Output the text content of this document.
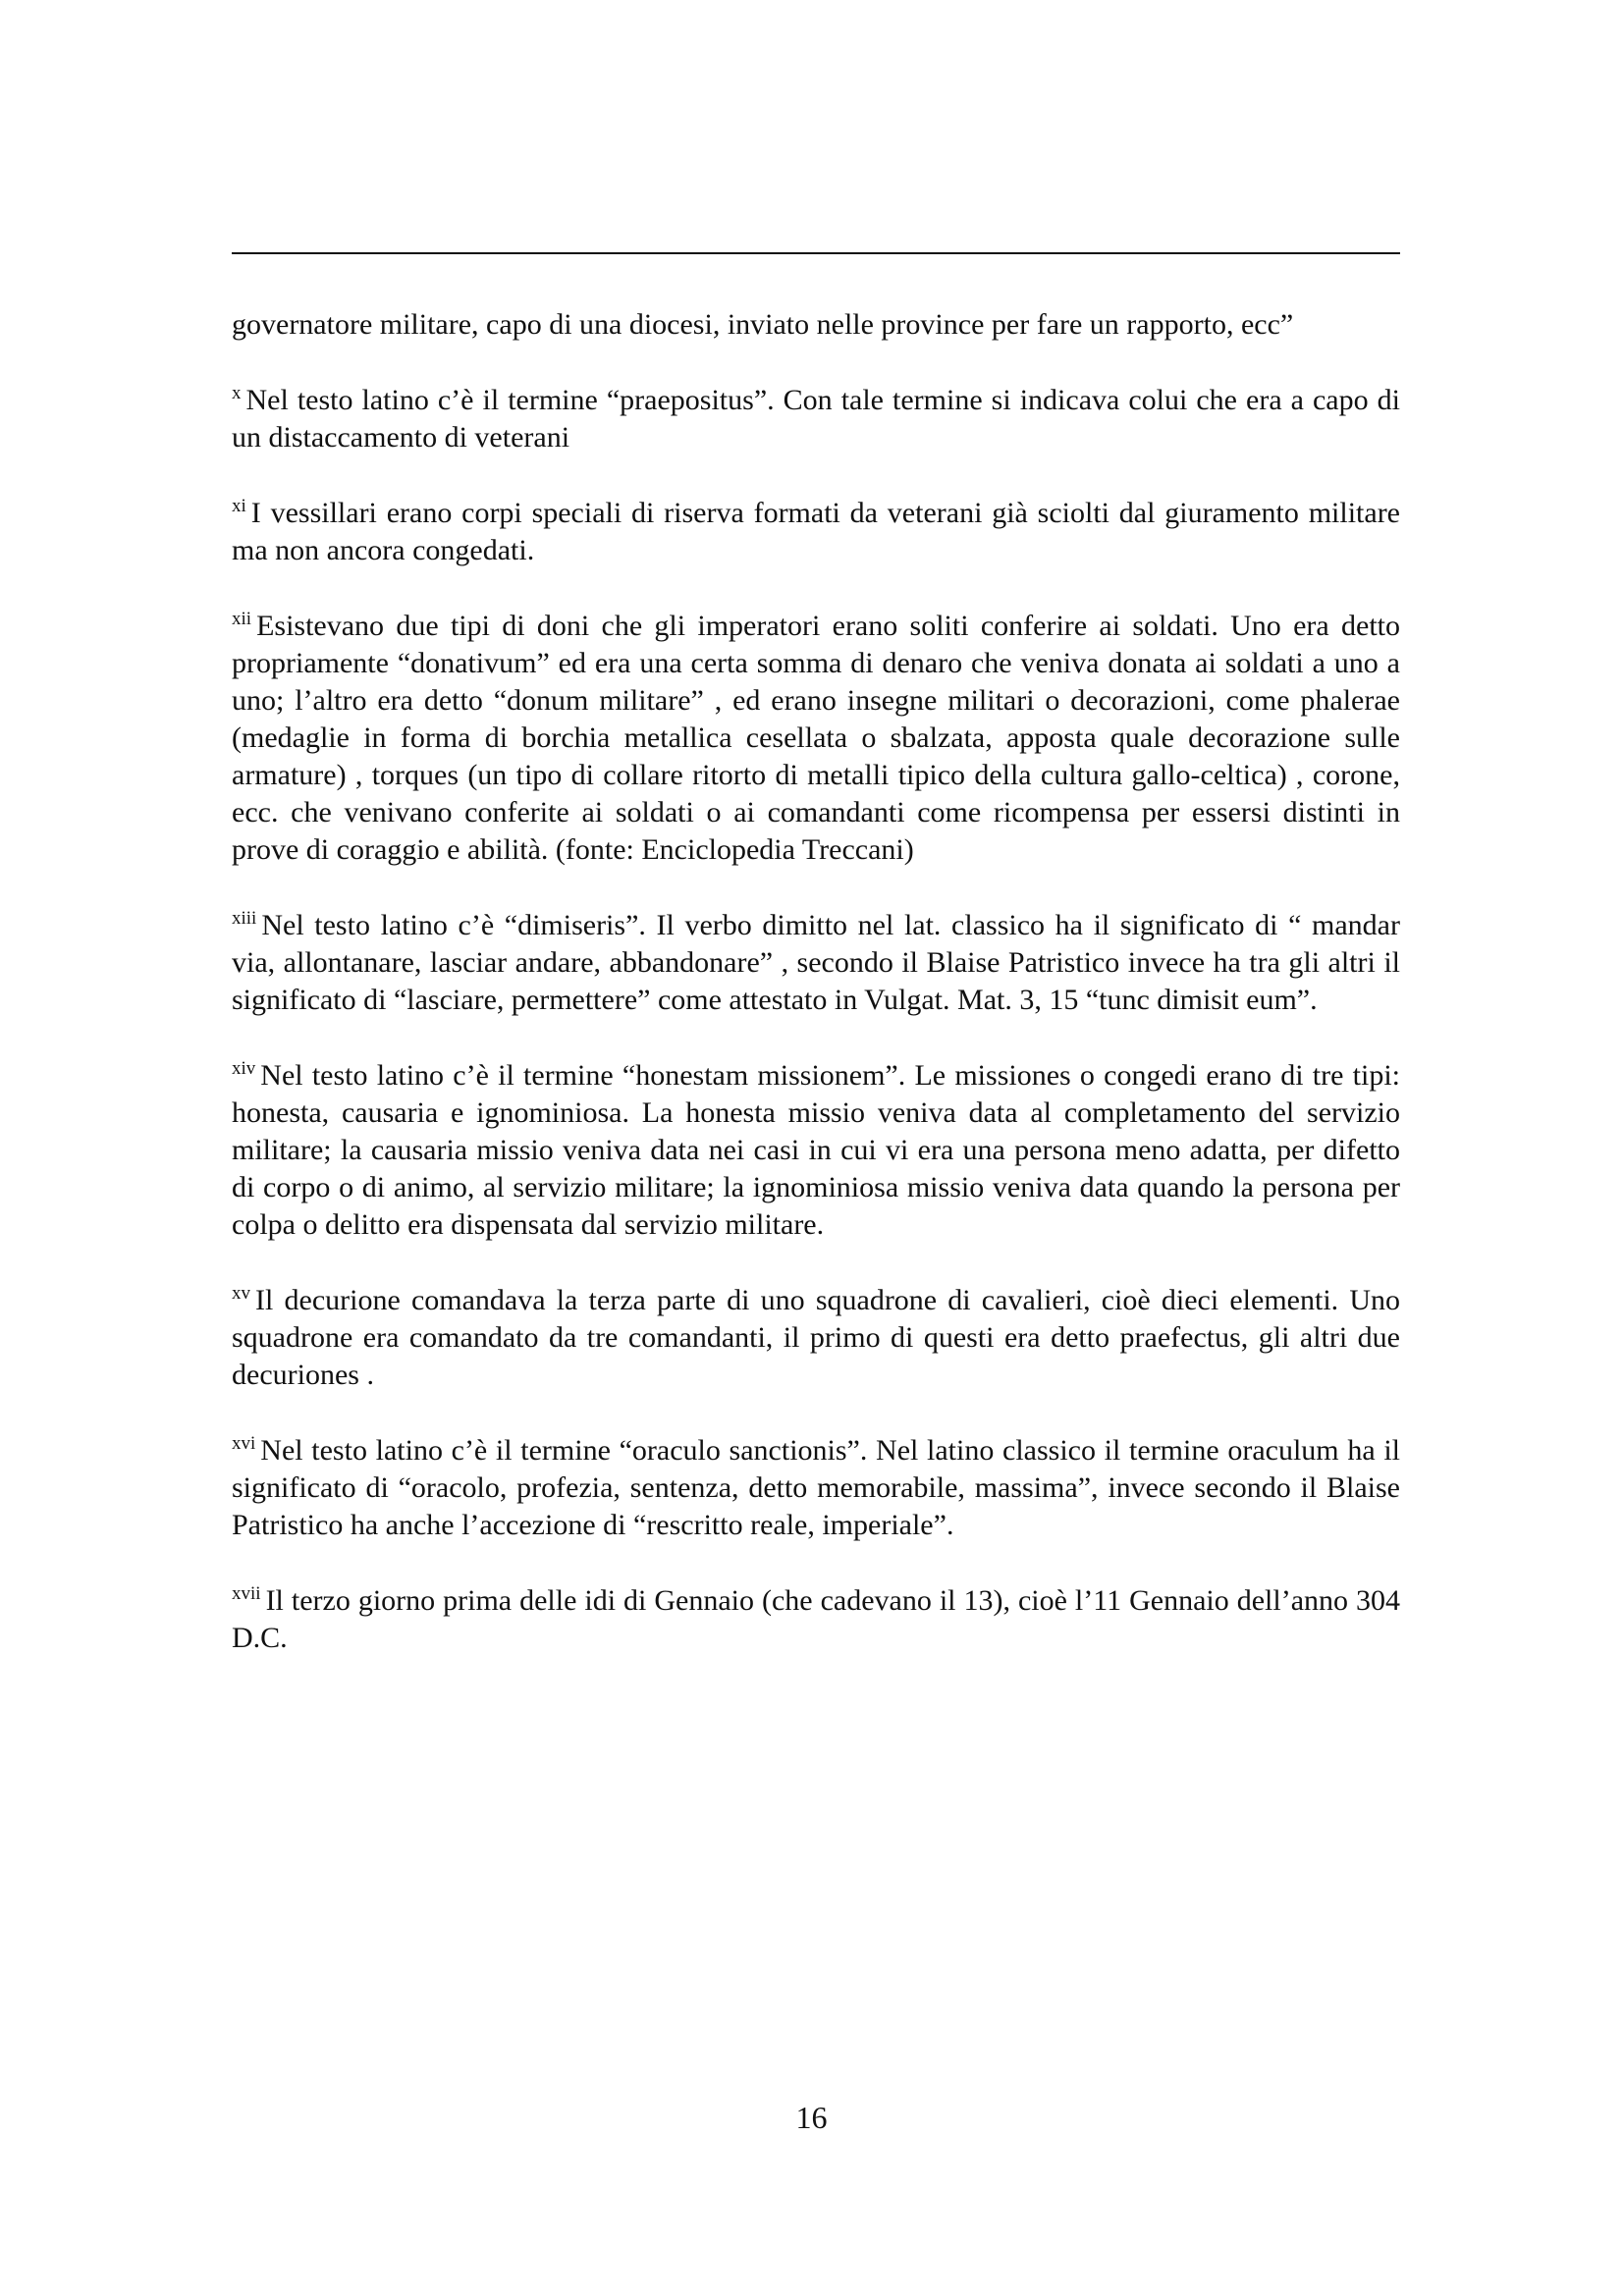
governatore militare, capo di una diocesi, inviato nelle province per fare un rapporto, ecc”

$^x$ Nel testo latino c’è il termine “praepositus”. Con tale termine si indicava colui che era a capo di un distaccamento di veterani

$^{xi}$ I vessillari erano corpi speciali di riserva formati da veterani già sciolti dal giuramento militare ma non ancora congedati.

$^{xii}$ Esistevano due tipi di doni che gli imperatori erano soliti conferire ai soldati. Uno era detto propriamente “donativum” ed era una certa somma di denaro che veniva donata ai soldati a uno a uno; l’altro era detto “donum militare” , ed erano insegne militari o decorazioni, come phalerae (medaglie in forma di borchia metallica cesellata o sbalzata, apposta quale decorazione sulle armature) , torques (un tipo di collare ritorto di metalli tipico della cultura gallo-celtica) , corone, ecc. che venivano conferite ai soldati o ai comandanti come ricompensa per essersi distinti in prove di coraggio e abilità. (fonte: Enciclopedia Treccani)

$^{xiii}$ Nel testo latino c’è “dimiseris”. Il verbo dimitto nel lat. classico ha il significato di “ mandar via, allontanare, lasciar andare, abbandonare” , secondo il Blaise Patristico invece ha tra gli altri il significato di “lasciare, permettere” come attestato in Vulgat. Mat. 3, 15 “tunc dimisit eum”.

$^{xiv}$ Nel testo latino c’è il termine “honestam missionem”. Le missiones o congedi erano di tre tipi: honesta, causaria e ignominiosa. La honesta missio veniva data al completamento del servizio militare; la causaria missio veniva data nei casi in cui vi era una persona meno adatta, per difetto di corpo o di animo, al servizio militare; la ignominiosa missio veniva data quando la persona per colpa o delitto era dispensata dal servizio militare.

$^{xv}$ Il decurione comandava la terza parte di uno squadrone di cavalieri, cioè dieci elementi. Uno squadrone era comandato da tre comandanti, il primo di questi era detto praefectus, gli altri due decuriones .

$^{xvi}$ Nel testo latino c’è il termine “oraculo sanctionis”. Nel latino classico il termine oraculum ha il significato di “oracolo, profezia, sentenza, detto memorabile, massima”, invece secondo il Blaise Patristico ha anche l’accezione di “rescritto reale, imperiale”.

$^{xvii}$ Il terzo giorno prima delle idi di Gennaio (che cadevano il 13), cioè l’11 Gennaio dell’anno 304 D.C.

16
